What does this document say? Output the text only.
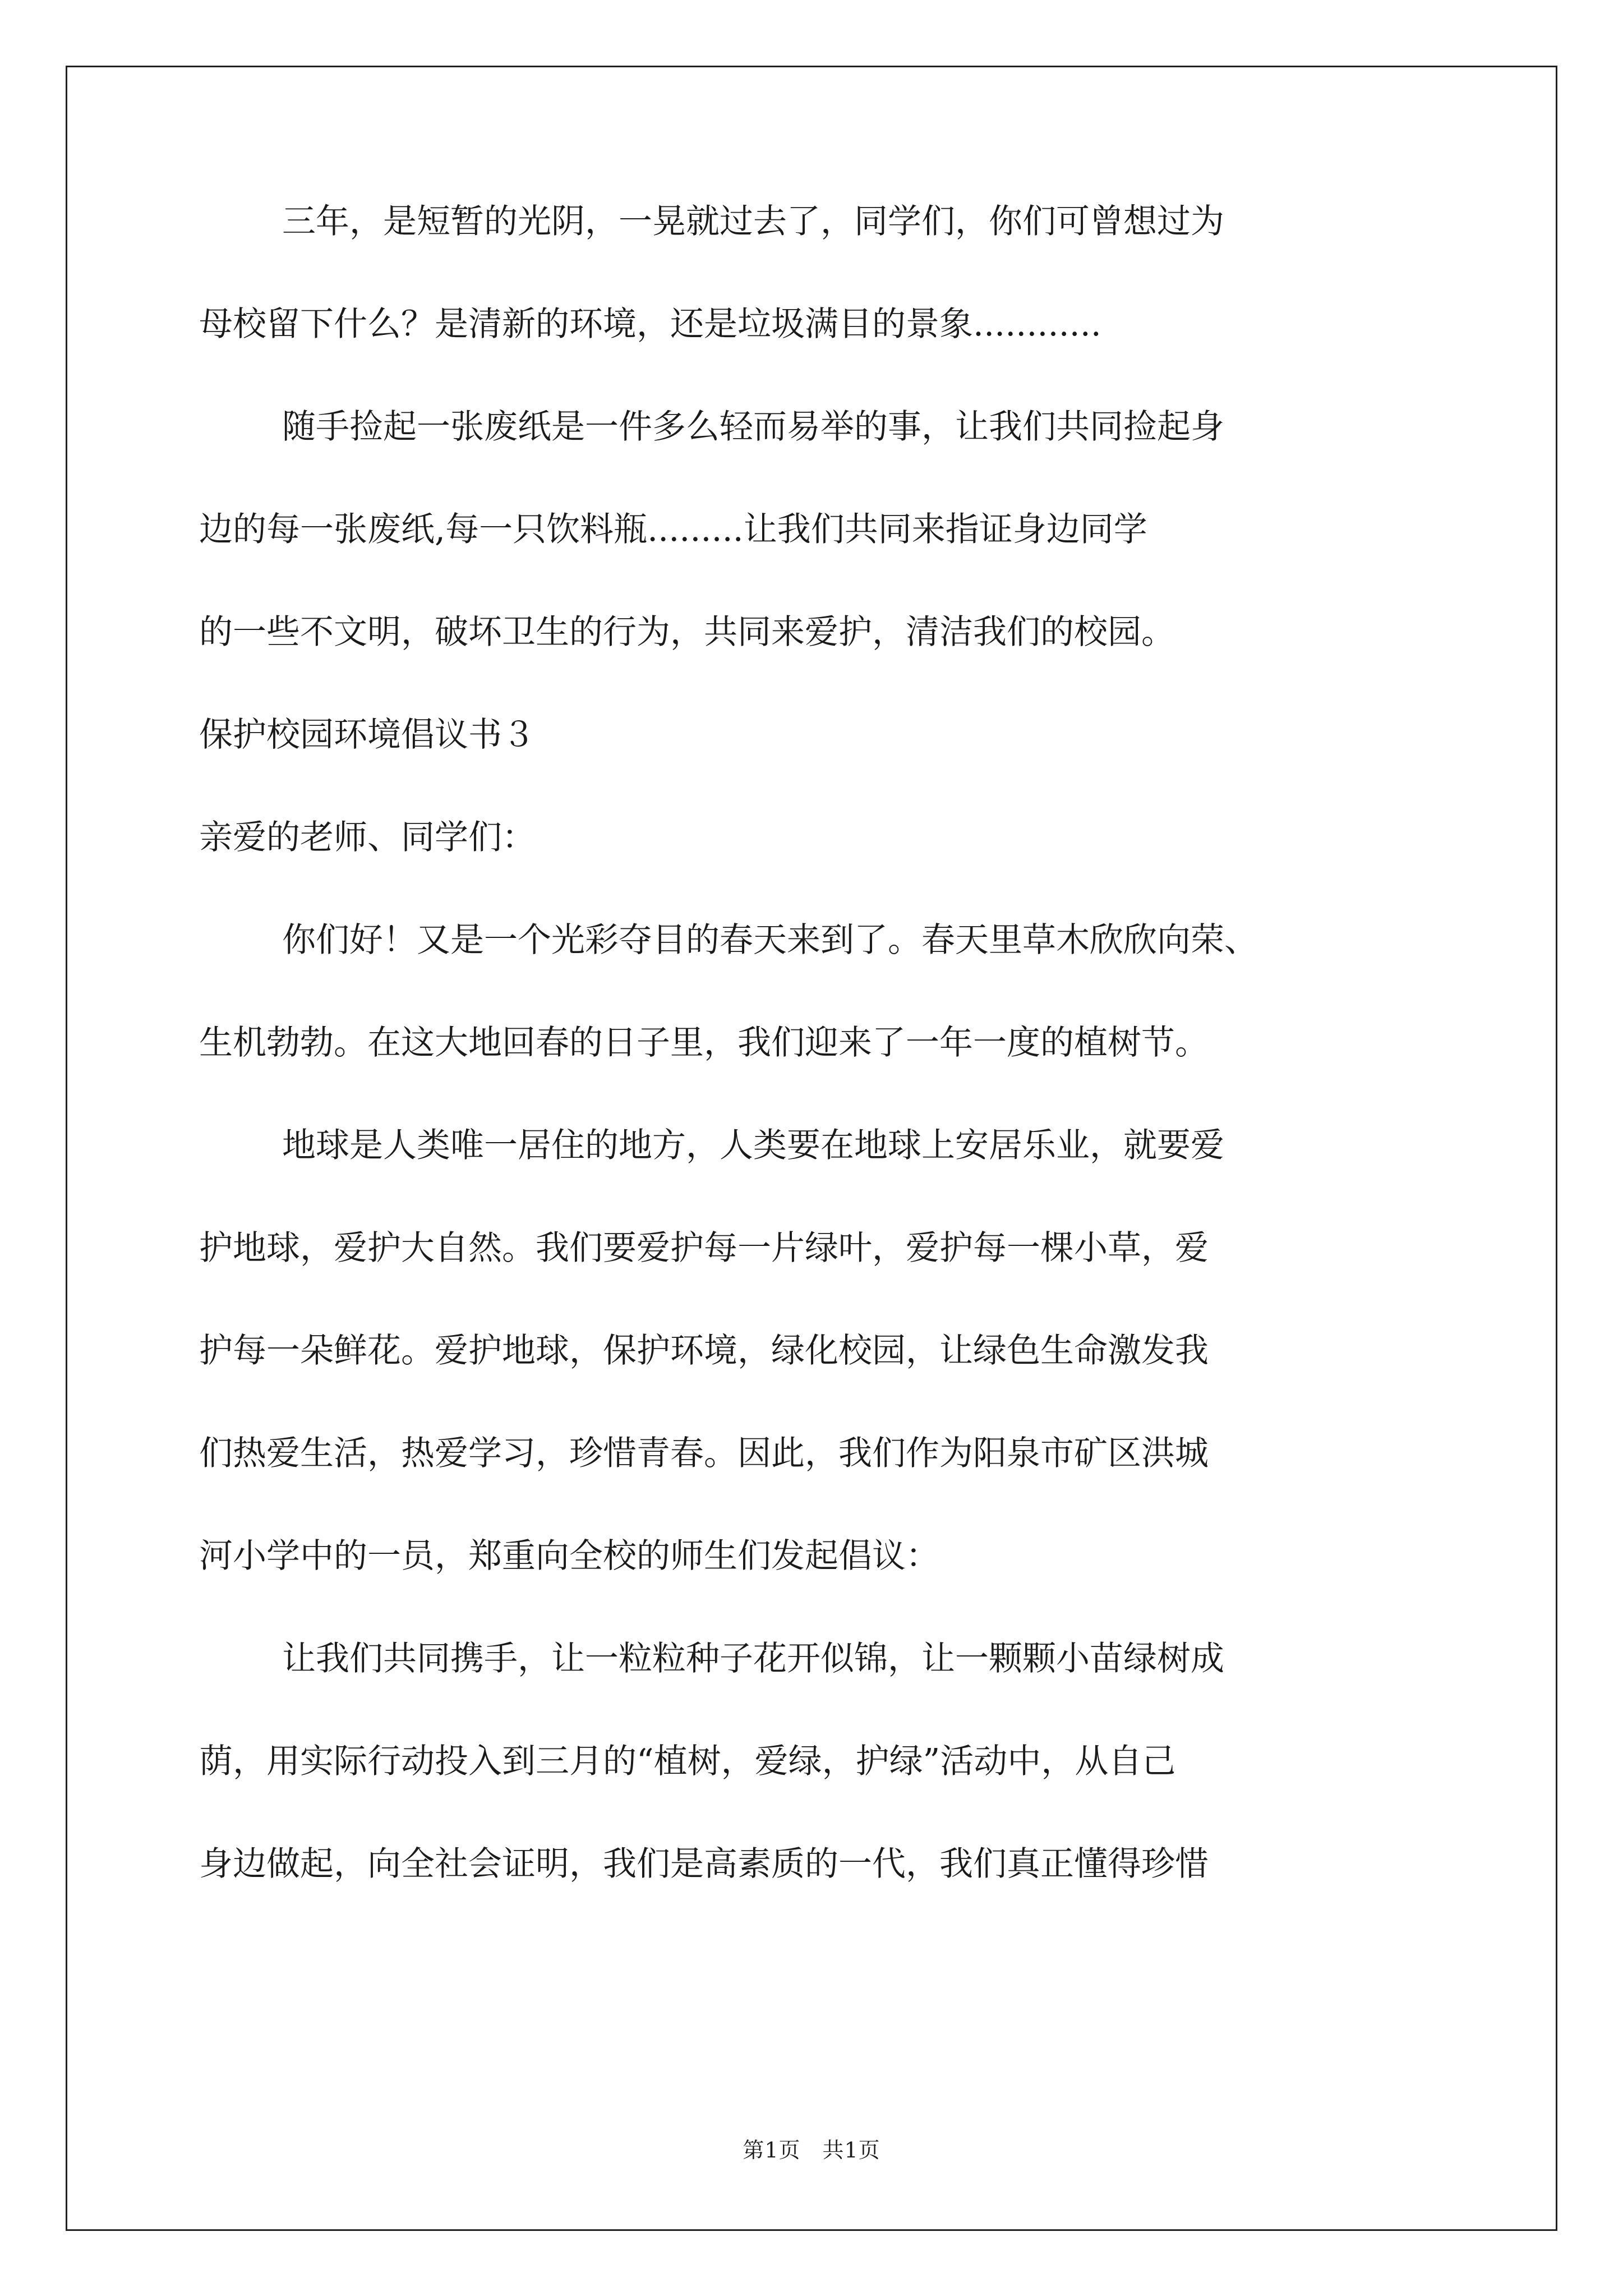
三年，是短暂的光阴，一晃就过去了，同学们，你们可曾想过为
母校留下什么？是清新的环境，还是垃圾满目的景象............
随手捡起一张废纸是一件多么轻而易举的事，让我们共同捡起身
边的每一张废纸,每一只饮料瓶.........让我们共同来指证身边同学
的一些不文明，破坏卫生的行为，共同来爱护，清洁我们的校园。
保护校园环境倡议书３
亲爱的老师、同学们：
你们好！又是一个光彩夺目的春天来到了。春天里草木欣欣向荣、
生机勃勃。在这大地回春的日子里，我们迎来了一年一度的植树节。
地球是人类唯一居住的地方，人类要在地球上安居乐业，就要爱
护地球，爱护大自然。我们要爱护每一片绿叶，爱护每一棵小草，爱
护每一朵鲜花。爱护地球，保护环境，绿化校园，让绿色生命激发我
们热爱生活，热爱学习，珍惜青春。因此，我们作为阳泉市矿区洪城
河小学中的一员，郑重向全校的师生们发起倡议：
让我们共同携手，让一粒粒种子花开似锦，让一颗颗小苗绿树成
荫，用实际行动投入到三月的“植树，爱绿，护绿”活动中，从自己
身边做起，向全社会证明，我们是高素质的一代，我们真正懂得珍惜
第1页　共1页
